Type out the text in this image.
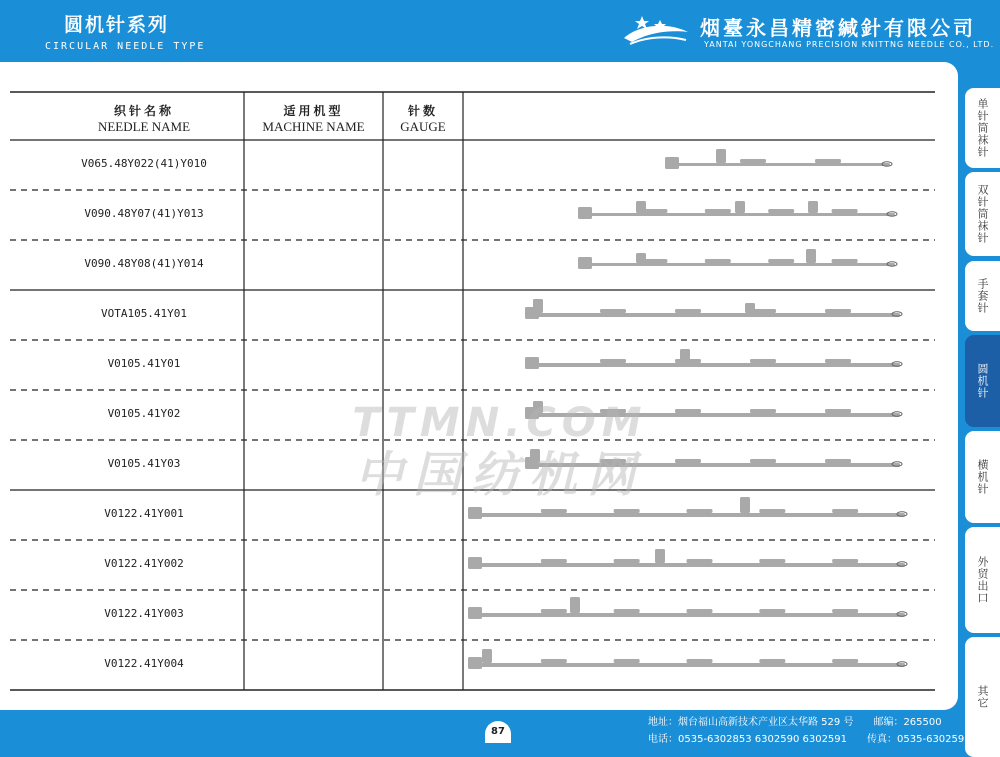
圆机针系列
CIRCULAR NEEDLE TYPE
烟臺永昌精密緘針有限公司
YANTAI YONGCHANG PRECISION KNITTNG NEEDLE CO., LTD.
单针筒袜针
双针筒袜针
手套针
圆机针
横机针
外贸出口
其它
织针名称
NEEDLE NAME
适用机型
MACHINE NAME
针数
GAUGE
V065.48Y022(41)Y010
V090.48Y07(41)Y013
V090.48Y08(41)Y014
VOTA105.41Y01
V0105.41Y01
V0105.41Y02
V0105.41Y03
V0122.41Y001
V0122.41Y002
V0122.41Y003
V0122.41Y004
TTMN.COM
中国纺机网
87
地址：烟台福山高新技术产业区太华路 529 号　　邮编：265500
电话：0535-6302853 6302590 6302591　　传真：0535-6302596
